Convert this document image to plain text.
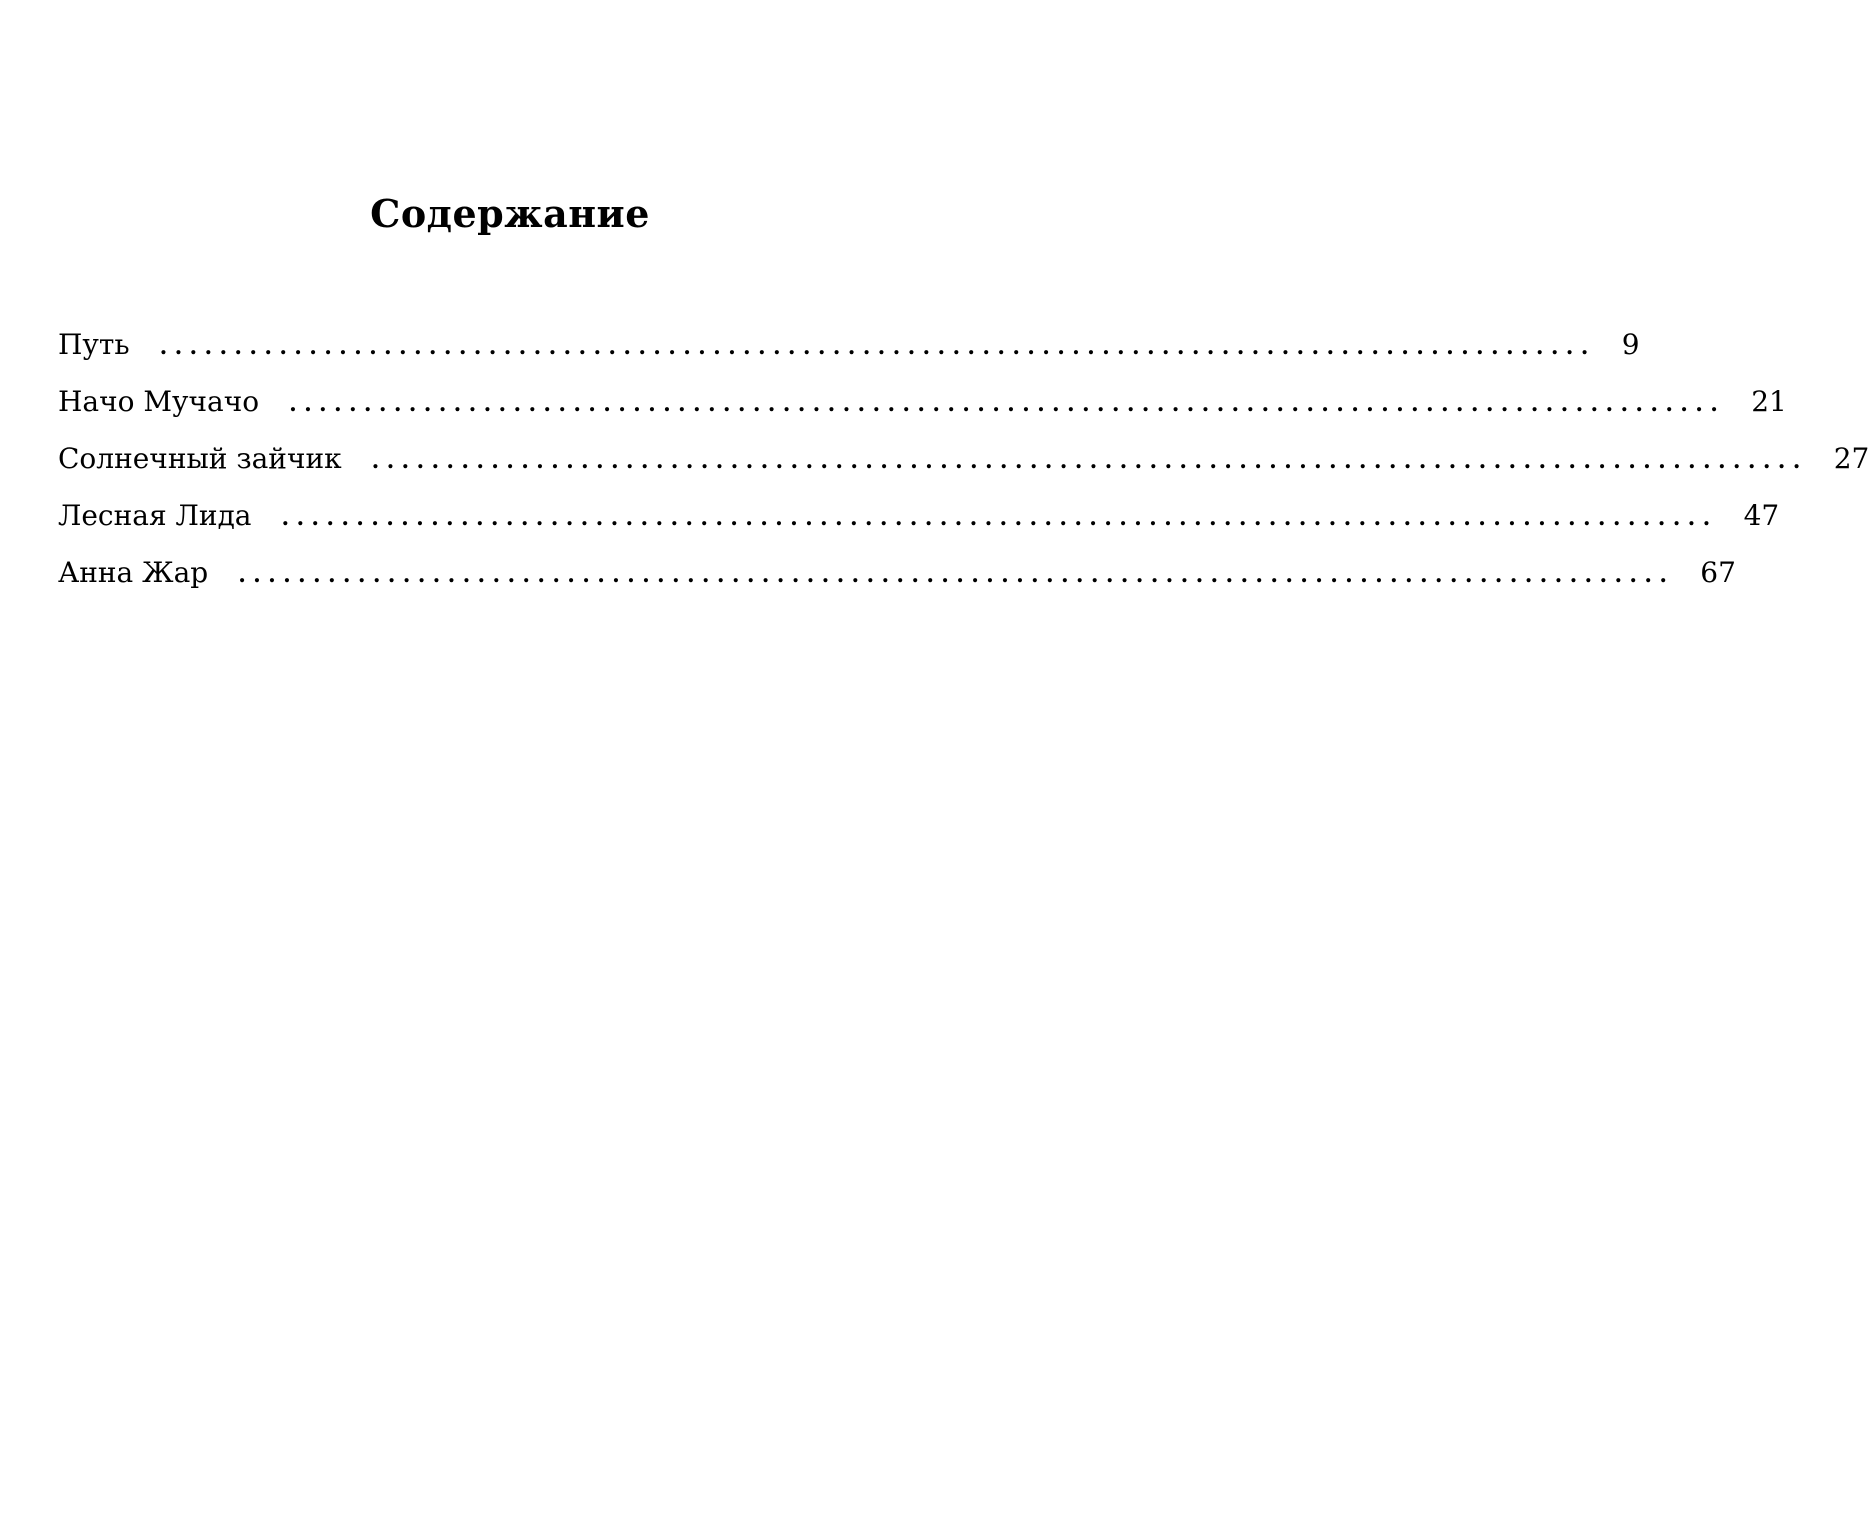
Содержание
Путь ................................................................................................ 9
Начо Мучачо ................................................................................................ 21
Солнечный зайчик ................................................................................................ 27
Лесная Лида ................................................................................................ 47
Анна Жар ................................................................................................ 67
